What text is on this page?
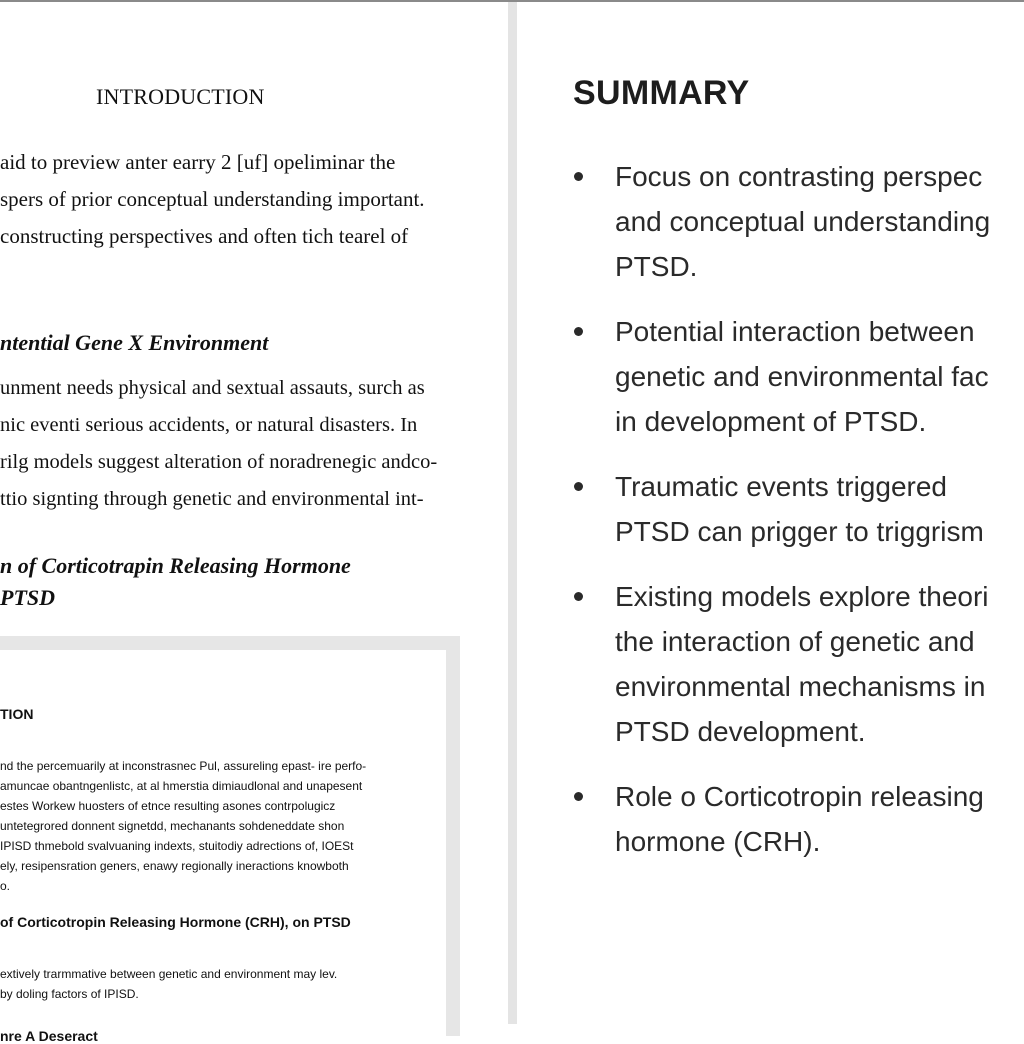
INTRODUCTION
aid to preview anter earry 2 [uf] opeliminar the
spers of prior conceptual understanding important.
constructing perspectives and often tich tearel of
ntential Gene X Environment
unment needs physical and sextual assauts, surch as
nic eventi serious accidents, or natural disasters. In
rilg models suggest alteration of noradrenegic andco-
ttio signting through genetic and environmental int-
n of Corticotrapin Releasing Hormone
PTSD
TION
nd the percemuarily at inconstrasnec Pul, assureling epast- ire perfo-
amuncae obantngenlistc, at al hmerstia dimiaudlonal and unapesent
estes Workew huosters of etnce resulting asones contrpolugicz
untetegrored donnent signetdd, mechanants sohdeneddate shon
IPISD thmebold svalvuaning indexts, stuitodiy adrections of, IOESt
ely, resipensration geners, enawy regionally ineractions knowboth
o.
of Corticotropin Releasing Hormone (CRH), on PTSD
extively trarmmative between genetic and environment may lev.
by doling factors of IPISD.
nre A Deseract
SUMMARY
Focus on contrasting perspec
and conceptual understanding
PTSD.
Potential interaction between
genetic and environmental fac
in development of PTSD.
Traumatic events triggered
PTSD can prigger to triggrism
Existing models explore theori
the interaction of genetic and
environmental mechanisms in
PTSD development.
Role o Corticotropin releasing
hormone (CRH).
